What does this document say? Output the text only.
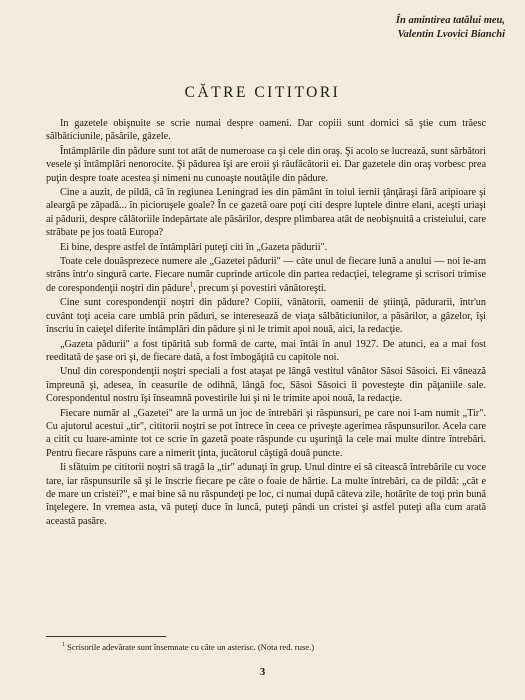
În amintirea tatălui meu,
Valentin Lvovici Bianchi
CĂTRE CITITORI

In gazetele obişnuite se scrie numai despre oameni. Dar copiii sunt dornici să ştie cum trăesc sălbăticiunile, păsările, gâzele.

Întâmplările din pădure sunt tot atât de numeroase ca şi cele din oraş. Şi acolo se lucrează, sunt sărbători vesele şi întâmplări nenorocite. Şi pădurea îşi are eroii şi răufăcătorii ei. Dar gazetele din oraş vorbesc prea puţin despre toate acestea şi nimeni nu cunoaşte noutăţile din pădure.

Cine a auzit, de pildă, că în regiunea Leningrad ies din pământ în toiul iernii ţânţăraşi fără aripioare şi aleargă pe zăpadă... în picioruşele goale? În ce gazetă oare poţi citi despre luptele dintre elani, aceşti uriaşi ai pădurii, despre călătoriile îndepărtate ale păsărilor, despre plimbarea atât de neobişnuită a cristeiului, care străbate pe jos toată Europa?

Ei bine, despre astfel de întâmplări puteţi citi în „Gazeta pădurii".

Toate cele douăsprezece numere ale „Gazetei pădurii" — câte unul de fiecare lună a anului — noi le-am strâns într'o singură carte. Fiecare număr cuprinde articole din partea redacţiei, telegrame şi scrisori trimise de corespondenţii noştri din pădure$^1$, precum şi povestiri vânătoreşti.

Cine sunt corespondenţii noştri din pădure? Copiii, vânătorii, oamenii de ştiinţă, pădurarii, într'un cuvânt toţi aceia care umblă prin păduri, se interesează de viaţa sălbăticiunilor, a păsărilor, a gâzelor, îşi înscriu în caieţel diferite întâmplări din pădure şi ni le trimit apoi nouă, aici, la redacţie.

„Gazeta pădurii" a fost tipărită sub formă de carte, mai întâi în anul 1927. De atunci, ea a mai fost reeditată de şase ori şi, de fiecare dată, a fost îmbogăţită cu capitole noi.

Unul din corespondenţii noştri speciali a fost ataşat pe lângă vestitul vânător Săsoi Săsoici. Ei vânează împreună şi, adesea, în ceasurile de odihnă, lângă foc, Săsoi Săsoici îi povesteşte din păţaniile sale. Corespondentul nostru îşi înseamnă povestirile lui şi ni le trimite apoi nouă, la redacţie.

Fiecare număr al „Gazetei" are la urmă un joc de întrebări şi răspunsuri, pe care noi l-am numit „Tir". Cu ajutorul acestui „tir", cititorii noştri se pot întrece în ceea ce priveşte agerimea răspunsurilor. Acela care a citit cu luare-aminte tot ce scrie în gazetă poate răspunde cu uşurinţă la cele mai multe dintre întrebări. Pentru fiecare răspuns care a nimerit ţinta, jucătorul câştigă două puncte.

Ii sfătuim pe cititorii noştri să tragă la „tir" adunaţi în grup. Unul dintre ei să citească întrebările cu voce tare, iar răspunsurile să şi le înscrie fiecare pe câte o foaie de hârtie. La multe întrebări, ca de pildă: „cât e de mare un cristei?", e mai bine să nu răspundeţi pe loc, ci numai după câteva zile, hotărîte de toţi prin bună înţelegere. In vremea asta, vă puteţi duce în luncă, puteţi pândi un cristei şi astfel puteţi afla cum arată această pasăre.

$^1$ Scrisorile adevărate sunt însemnate cu câte un asterisc. (Nota red. ruse.)
3
